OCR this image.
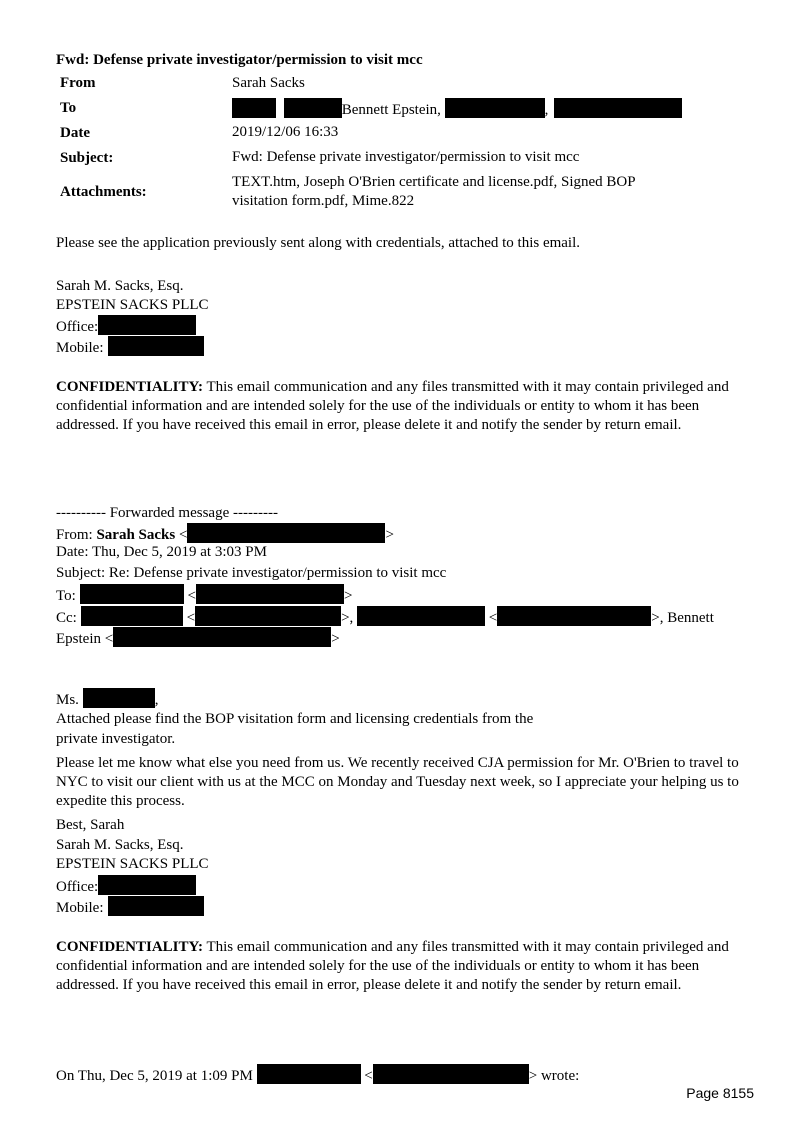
Fwd: Defense private investigator/permission to visit mcc
From	Sarah Sacks
To	Bennett Epstein,	,
Date	2019/12/06 16:33
Subject:	Fwd: Defense private investigator/permission to visit mcc
Attachments:
TEXT.htm, Joseph O'Brien certificate and license.pdf, Signed BOP
visitation form.pdf, Mime.822
Please see the application previously sent along with credentials, attached to this email.
Sarah M. Sacks, Esq.
EPSTEIN SACKS PLLC
Office:
Mobile:
CONFIDENTIALITY: This email communication and any files transmitted with it may contain privileged and confidential information and are intended solely for the use of the individuals or entity to whom it has been addressed. If you have received this email in error, please delete it and notify the sender by return email.
---------- Forwarded message ---------
From: Sarah Sacks <	>
Date: Thu, Dec 5, 2019 at 3:03 PM
Subject: Re: Defense private investigator/permission to visit mcc
To:	<	>
Cc:	<	>,	<	>, Bennett
Epstein <	>
Ms.	,
Attached please find the BOP visitation form and licensing credentials from the
private investigator.
Please let me know what else you need from us. We recently received CJA permission for Mr. O'Brien to travel to NYC to visit our client with us at the MCC on Monday and Tuesday next week, so I appreciate your helping us to expedite this process.
Best, Sarah
Sarah M. Sacks, Esq.
EPSTEIN SACKS PLLC
Office:
Mobile:
CONFIDENTIALITY: This email communication and any files transmitted with it may contain privileged and confidential information and are intended solely for the use of the individuals or entity to whom it has been addressed. If you have received this email in error, please delete it and notify the sender by return email.
On Thu, Dec 5, 2019 at 1:09 PM	<	> wrote:
Page 8155
